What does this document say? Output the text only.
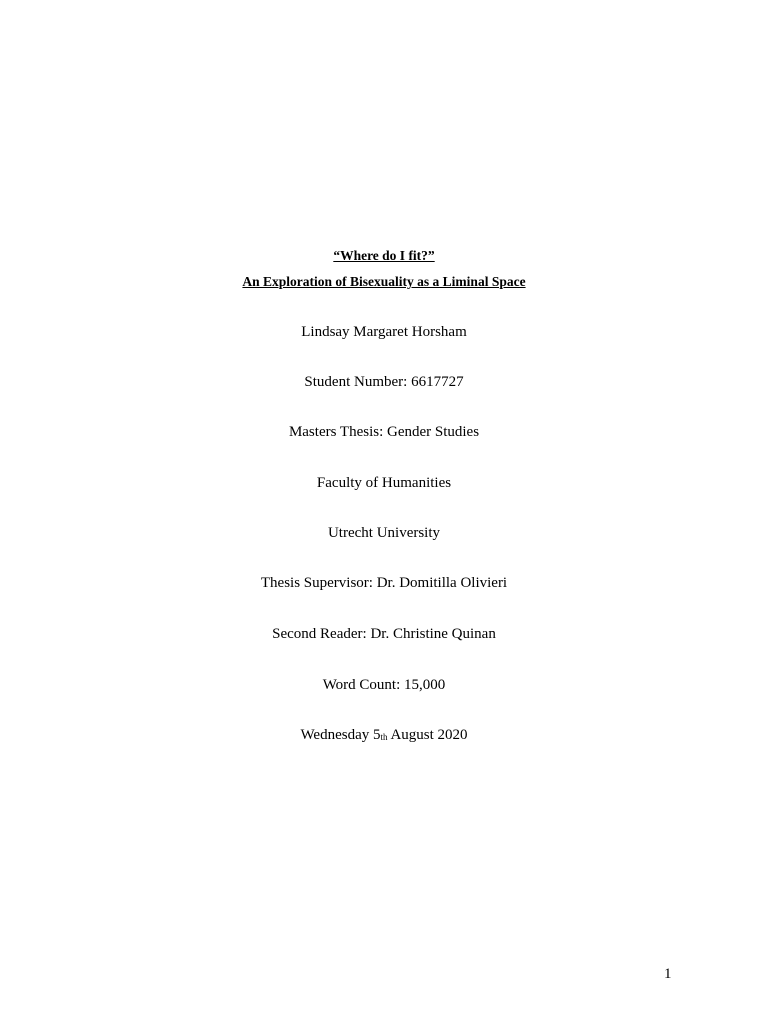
“Where do I fit?”
An Exploration of Bisexuality as a Liminal Space
Lindsay Margaret Horsham
Student Number: 6617727
Masters Thesis: Gender Studies
Faculty of Humanities
Utrecht University
Thesis Supervisor: Dr. Domitilla Olivieri
Second Reader: Dr. Christine Quinan
Word Count: 15,000
Wednesday 5th August 2020
1
